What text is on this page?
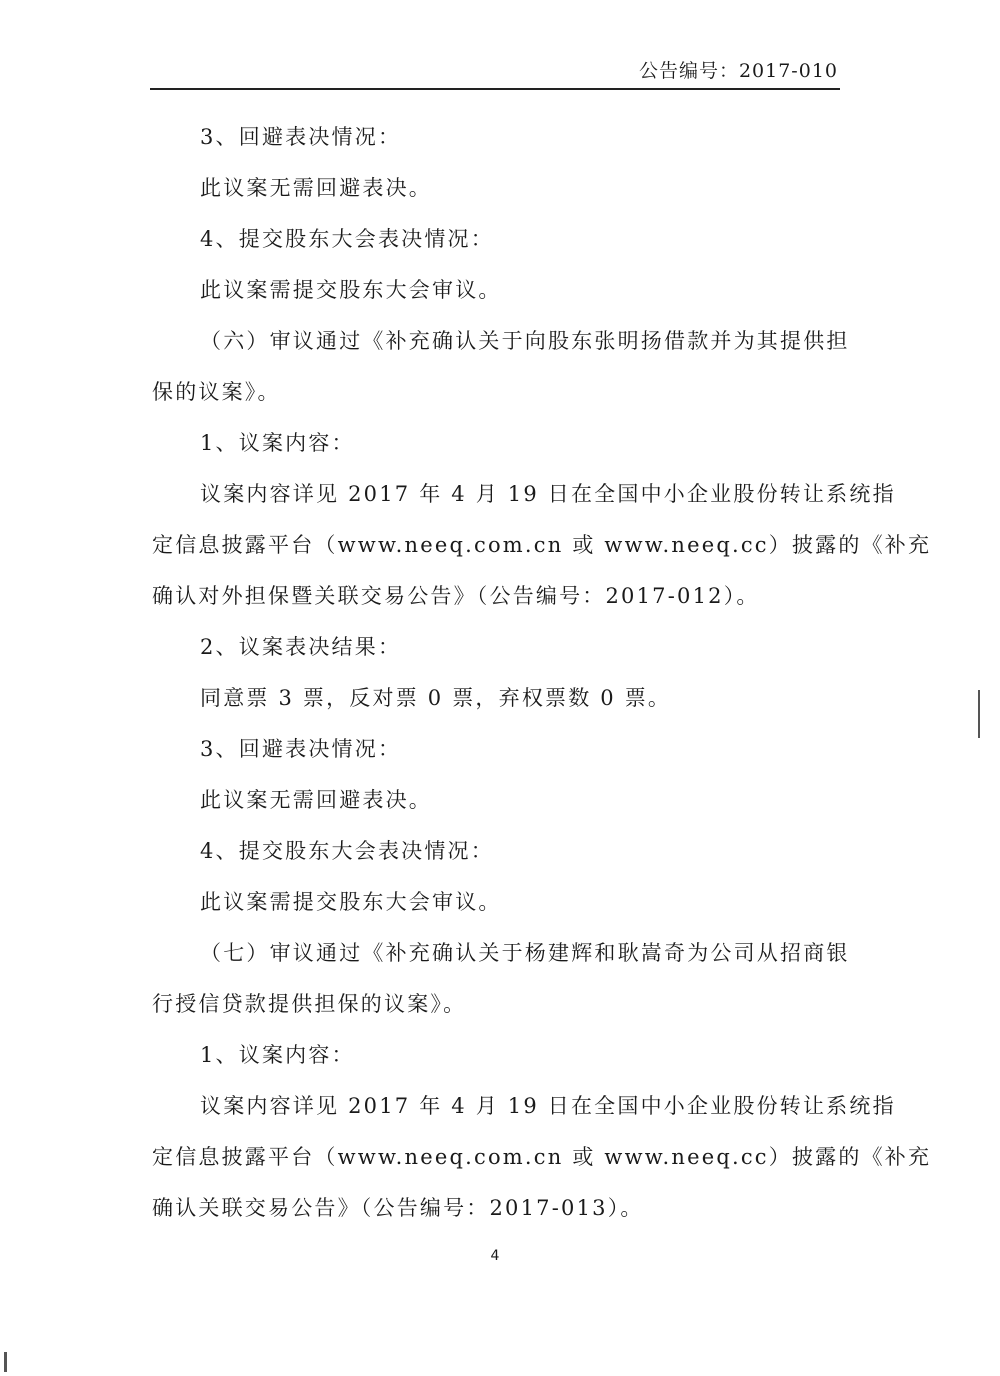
公告编号：2017-010
3、回避表决情况：
此议案无需回避表决。
4、提交股东大会表决情况：
此议案需提交股东大会审议。
（六）审议通过《补充确认关于向股东张明扬借款并为其提供担
保的议案》。
1、议案内容：
议案内容详见 2017 年 4 月 19 日在全国中小企业股份转让系统指
定信息披露平台（www.neeq.com.cn 或 www.neeq.cc）披露的《补充
确认对外担保暨关联交易公告》（公告编号：2017-012）。
2、议案表决结果：
同意票 3 票，反对票 0 票，弃权票数 0 票。
3、回避表决情况：
此议案无需回避表决。
4、提交股东大会表决情况：
此议案需提交股东大会审议。
（七）审议通过《补充确认关于杨建辉和耿嵩奇为公司从招商银
行授信贷款提供担保的议案》。
1、议案内容：
议案内容详见 2017 年 4 月 19 日在全国中小企业股份转让系统指
定信息披露平台（www.neeq.com.cn 或 www.neeq.cc）披露的《补充
确认关联交易公告》（公告编号：2017-013）。
4
